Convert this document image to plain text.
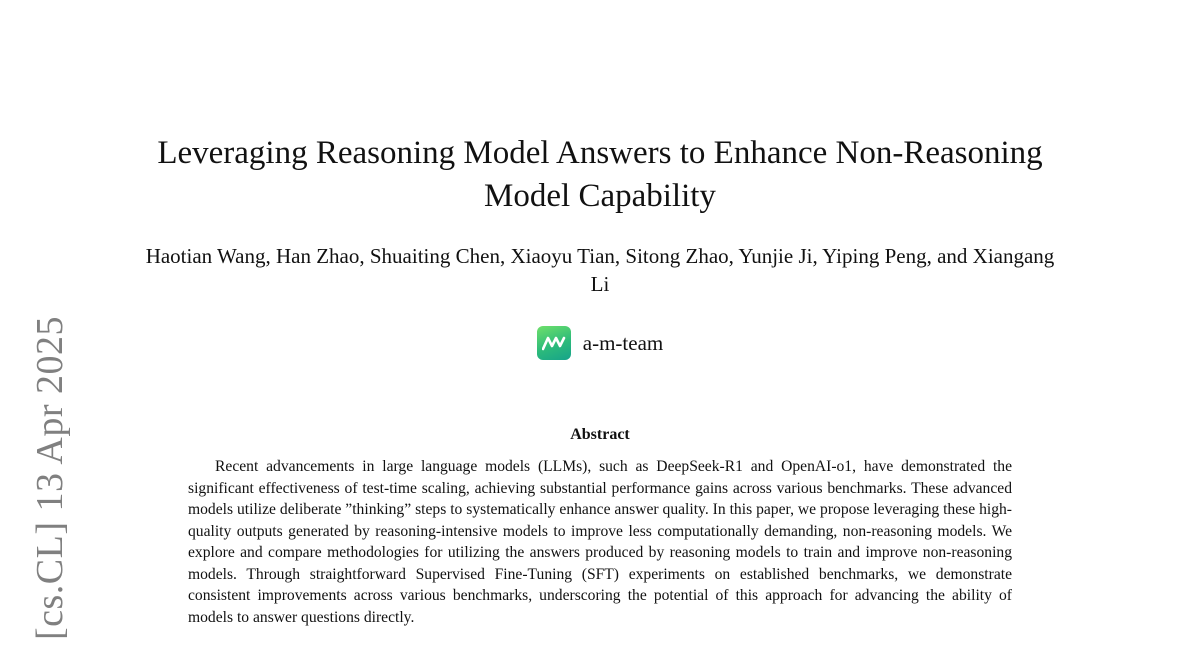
[cs.CL] 13 Apr 2025
Leveraging Reasoning Model Answers to Enhance Non-Reasoning Model Capability
Haotian Wang, Han Zhao, Shuaiting Chen, Xiaoyu Tian, Sitong Zhao, Yunjie Ji, Yiping Peng, and Xiangang Li
a-m-team
Abstract

Recent advancements in large language models (LLMs), such as DeepSeek-R1 and OpenAI-o1, have demonstrated the significant effectiveness of test-time scaling, achieving substantial performance gains across various benchmarks. These advanced models utilize deliberate ”thinking” steps to systematically enhance answer quality. In this paper, we propose leveraging these high-quality outputs generated by reasoning-intensive models to improve less computationally demanding, non-reasoning models. We explore and compare methodologies for utilizing the answers produced by reasoning models to train and improve non-reasoning models. Through straightforward Supervised Fine-Tuning (SFT) experiments on established benchmarks, we demonstrate consistent improvements across various benchmarks, underscoring the potential of this approach for advancing the ability of models to answer questions directly.
